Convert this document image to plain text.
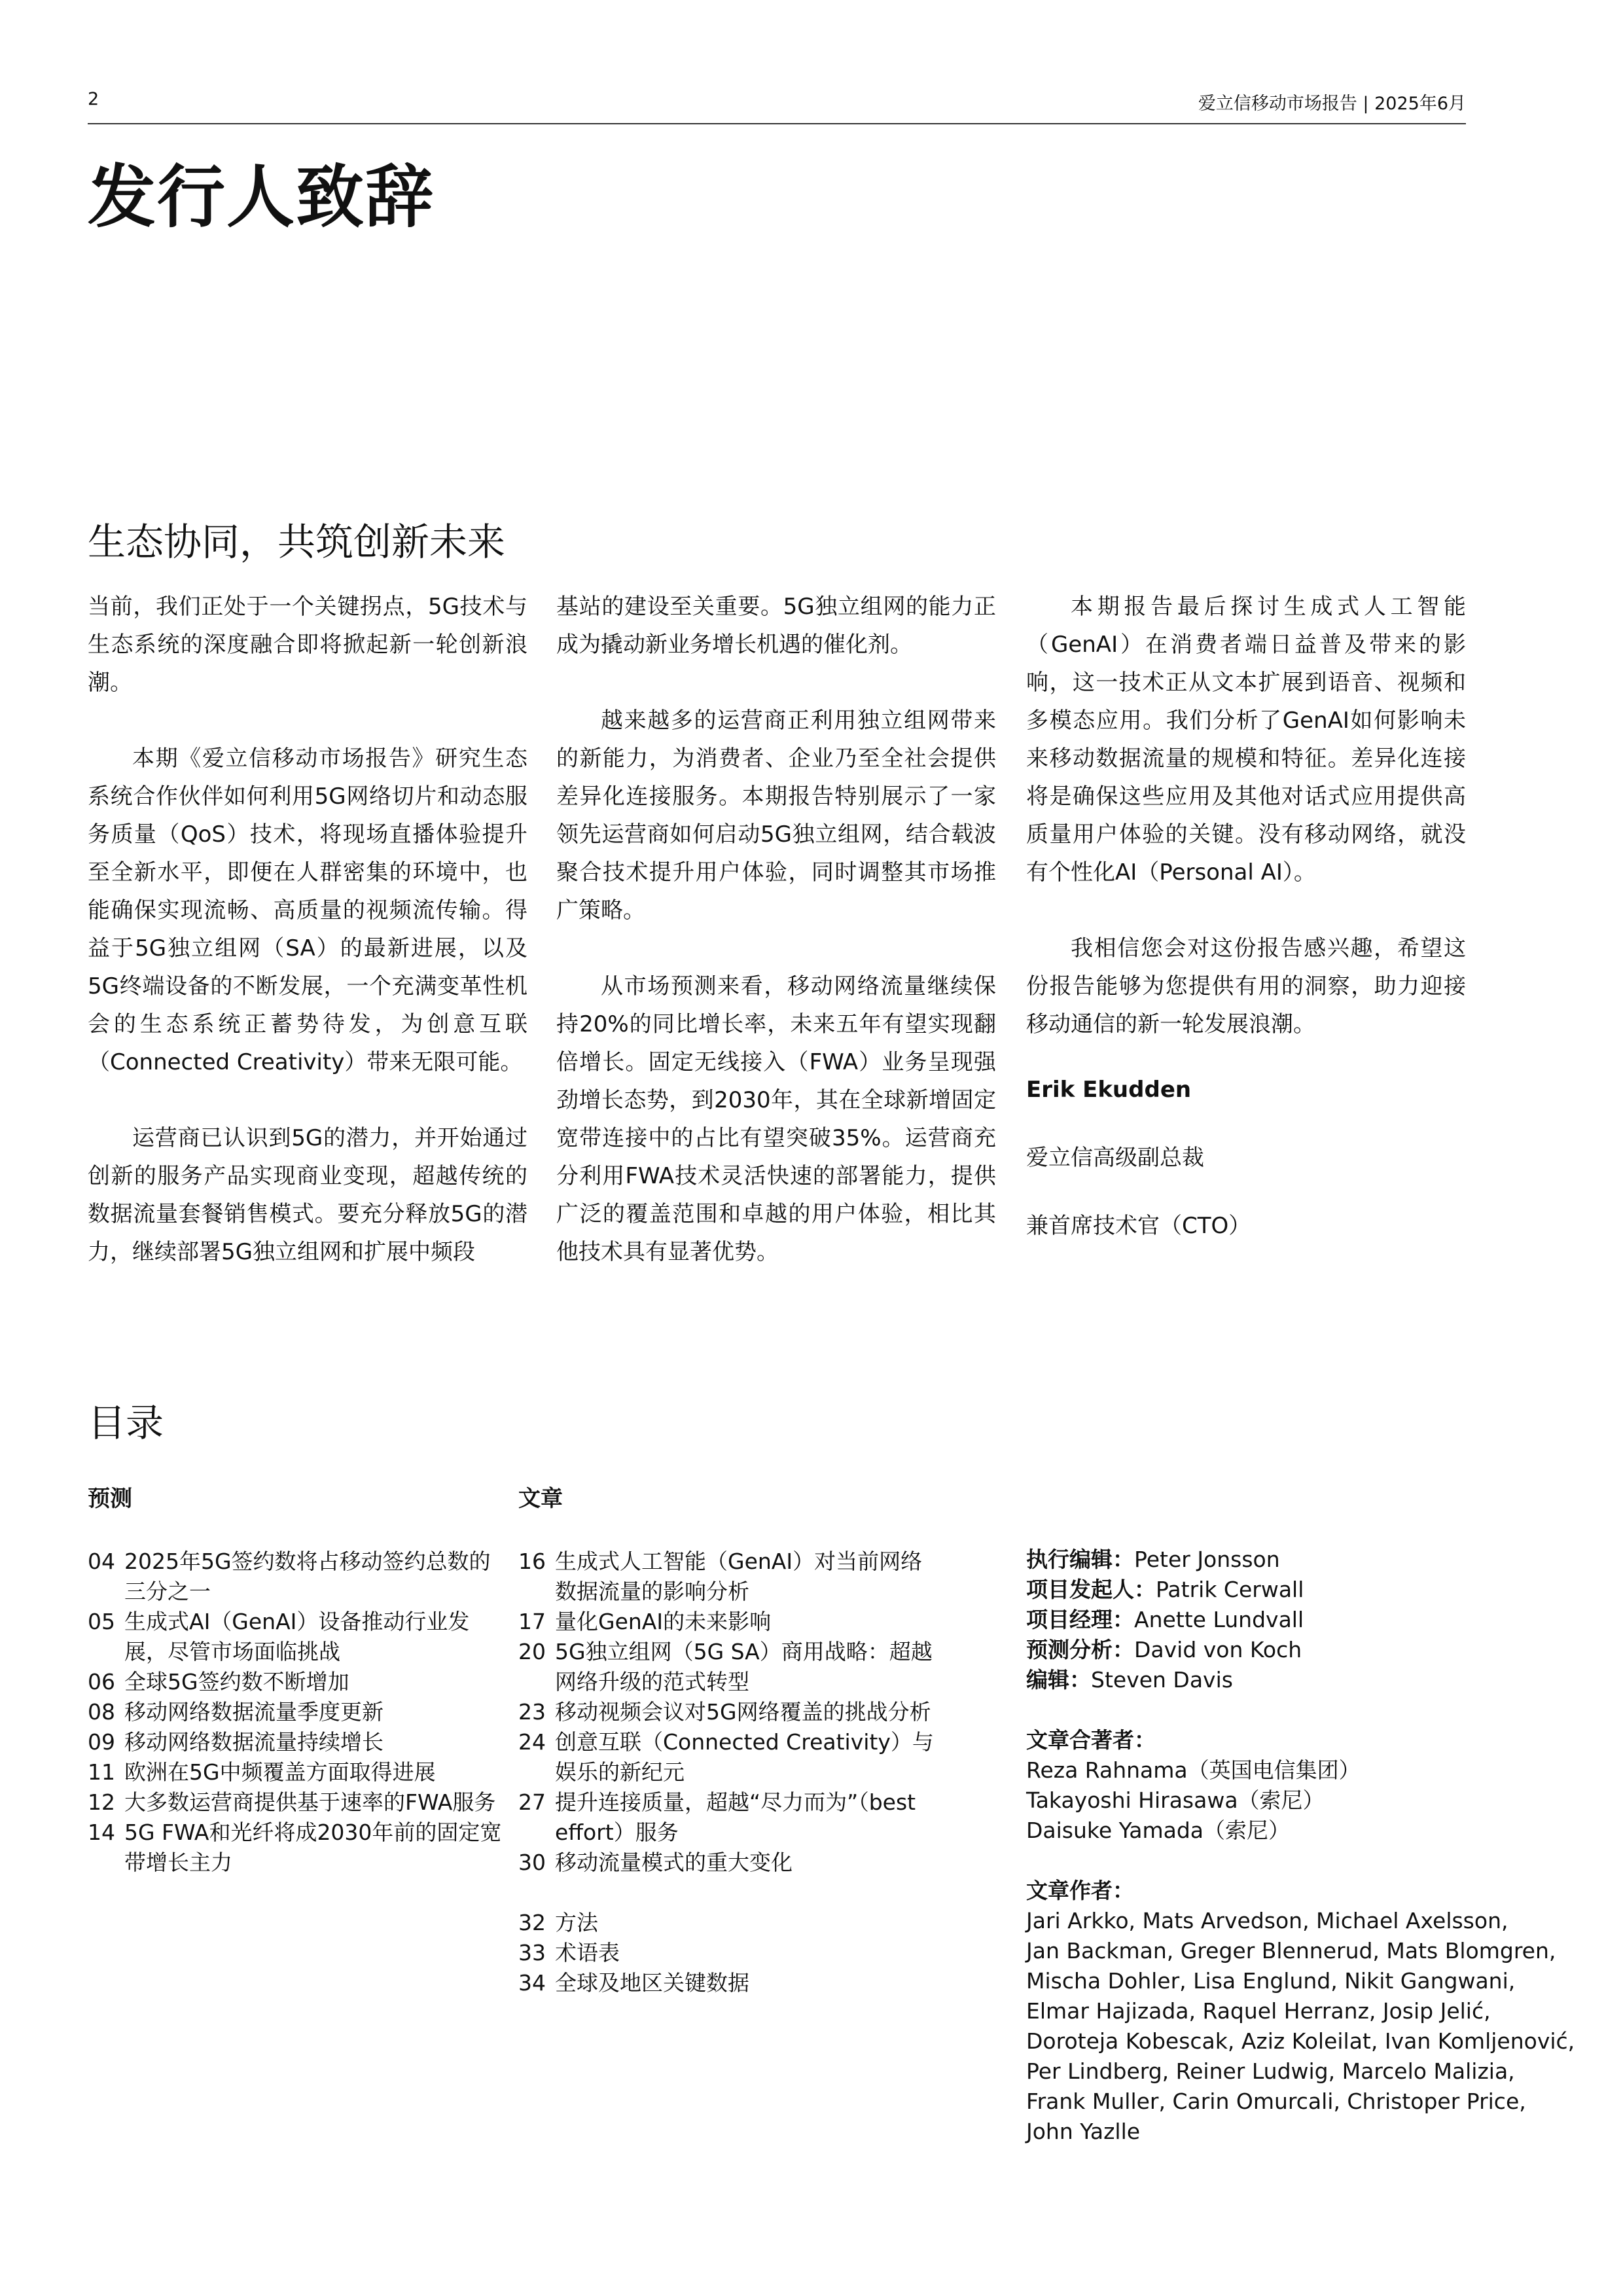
2	爱立信移动市场报告 | 2025年6月
发行人致辞
生态协同，共筑创新未来

当前，我们正处于一个关键拐点，5G技术与生态系统的深度融合即将掀起新一轮创新浪潮。

本期《爱立信移动市场报告》研究生态系统合作伙伴如何利用5G网络切片和动态服务质量（QoS）技术，将现场直播体验提升至全新水平，即便在人群密集的环境中，也能确保实现流畅、高质量的视频流传输。得益于5G独立组网（SA）的最新进展，以及5G终端设备的不断发展，一个充满变革性机会的生态系统正蓄势待发，为创意互联（Connected Creativity）带来无限可能。

运营商已认识到5G的潜力，并开始通过创新的服务产品实现商业变现，超越传统的数据流量套餐销售模式。要充分释放5G的潜力，继续部署5G独立组网和扩展中频段

基站的建设至关重要。5G独立组网的能力正成为撬动新业务增长机遇的催化剂。

越来越多的运营商正利用独立组网带来的新能力，为消费者、企业乃至全社会提供差异化连接服务。本期报告特别展示了一家领先运营商如何启动5G独立组网，结合载波聚合技术提升用户体验，同时调整其市场推广策略。

从市场预测来看，移动网络流量继续保持20%的同比增长率，未来五年有望实现翻倍增长。固定无线接入（FWA）业务呈现强劲增长态势，到2030年，其在全球新增固定宽带连接中的占比有望突破35%。运营商充分利用FWA技术灵活快速的部署能力，提供广泛的覆盖范围和卓越的用户体验，相比其他技术具有显著优势。

本期报告最后探讨生成式人工智能（GenAI）在消费者端日益普及带来的影响，这一技术正从文本扩展到语音、视频和多模态应用。我们分析了GenAI如何影响未来移动数据流量的规模和特征。差异化连接将是确保这些应用及其他对话式应用提供高质量用户体验的关键。没有移动网络，就没有个性化AI（Personal AI）。

我相信您会对这份报告感兴趣，希望这份报告能够为您提供有用的洞察，助力迎接移动通信的新一轮发展浪潮。

Erik Ekudden

爱立信高级副总裁

兼首席技术官（CTO）

目录
预测
04 2025年5G签约数将占移动签约总数的三分之一
05 生成式AI（GenAI）设备推动行业发展，尽管市场面临挑战
06 全球5G签约数不断增加
08 移动网络数据流量季度更新
09 移动网络数据流量持续增长
11 欧洲在5G中频覆盖方面取得进展
12 大多数运营商提供基于速率的FWA服务
14 5G FWA和光纤将成2030年前的固定宽带增长主力
文章
16 生成式人工智能（GenAI）对当前网络数据流量的影响分析
17 量化GenAI的未来影响
20 5G独立组网（5G SA）商用战略：超越网络升级的范式转型
23 移动视频会议对5G网络覆盖的挑战分析
24 创意互联（Connected Creativity）与娱乐的新纪元
27 提升连接质量，超越“尽力而为”（best effort）服务
30 移动流量模式的重大变化
32 方法
33 术语表
34 全球及地区关键数据
执行编辑：Peter Jonsson
项目发起人：Patrik Cerwall
项目经理：Anette Lundvall
预测分析：David von Koch
编辑：Steven Davis
文章合著者：
Reza Rahnama（英国电信集团）
Takayoshi Hirasawa（索尼）
Daisuke Yamada（索尼）
文章作者：
Jari Arkko, Mats Arvedson, Michael Axelsson,
Jan Backman, Greger Blennerud, Mats Blomgren,
Mischa Dohler, Lisa Englund, Nikit Gangwani,
Elmar Hajizada, Raquel Herranz, Josip Jelić,
Doroteja Kobescak, Aziz Koleilat, Ivan Komljenović,
Per Lindberg, Reiner Ludwig, Marcelo Malizia,
Frank Muller, Carin Omurcali, Christoper Price,
John Yazlle
